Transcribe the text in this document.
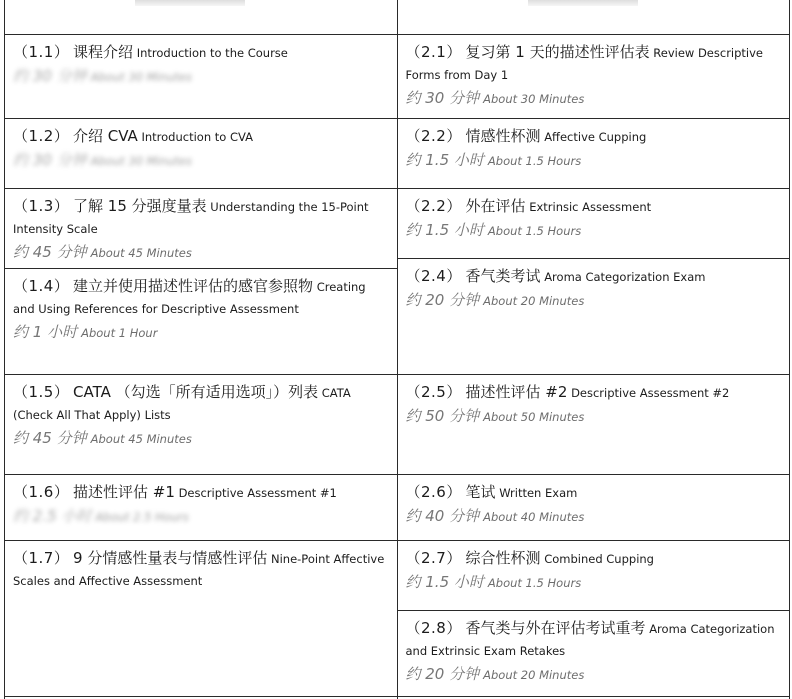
（1.1） 课程介绍 Introduction to the Course
约 30 分钟 About 30 Minutes
（1.2） 介绍 CVA Introduction to CVA
约 30 分钟 About 30 Minutes
（1.3） 了解 15 分强度量表 Understanding the 15-Point Intensity Scale
约 45 分钟 About 45 Minutes
（1.4） 建立并使用描述性评估的感官参照物 Creating and Using References for Descriptive Assessment
约 1 小时 About 1 Hour
（1.5） CATA （勾选「所有适用选项」）列表 CATA (Check All That Apply) Lists
约 45 分钟 About 45 Minutes
（1.6） 描述性评估 #1 Descriptive Assessment #1
约 2.5 小时 About 2.5 Hours
（1.7） 9 分情感性量表与情感性评估 Nine-Point Affective Scales and Affective Assessment
（2.1） 复习第 1 天的描述性评估表 Review Descriptive Forms from Day 1
约 30 分钟 About 30 Minutes
（2.2） 情感性杯测 Affective Cupping
约 1.5 小时 About 1.5 Hours
（2.2） 外在评估 Extrinsic Assessment
约 1.5 小时 About 1.5 Hours
（2.4） 香气类考试 Aroma Categorization Exam
约 20 分钟 About 20 Minutes
（2.5） 描述性评估 #2 Descriptive Assessment #2
约 50 分钟 About 50 Minutes
（2.6） 笔试 Written Exam
约 40 分钟 About 40 Minutes
（2.7） 综合性杯测 Combined Cupping
约 1.5 小时 About 1.5 Hours
（2.8） 香气类与外在评估考试重考 Aroma Categorization and Extrinsic Exam Retakes
约 20 分钟 About 20 Minutes
